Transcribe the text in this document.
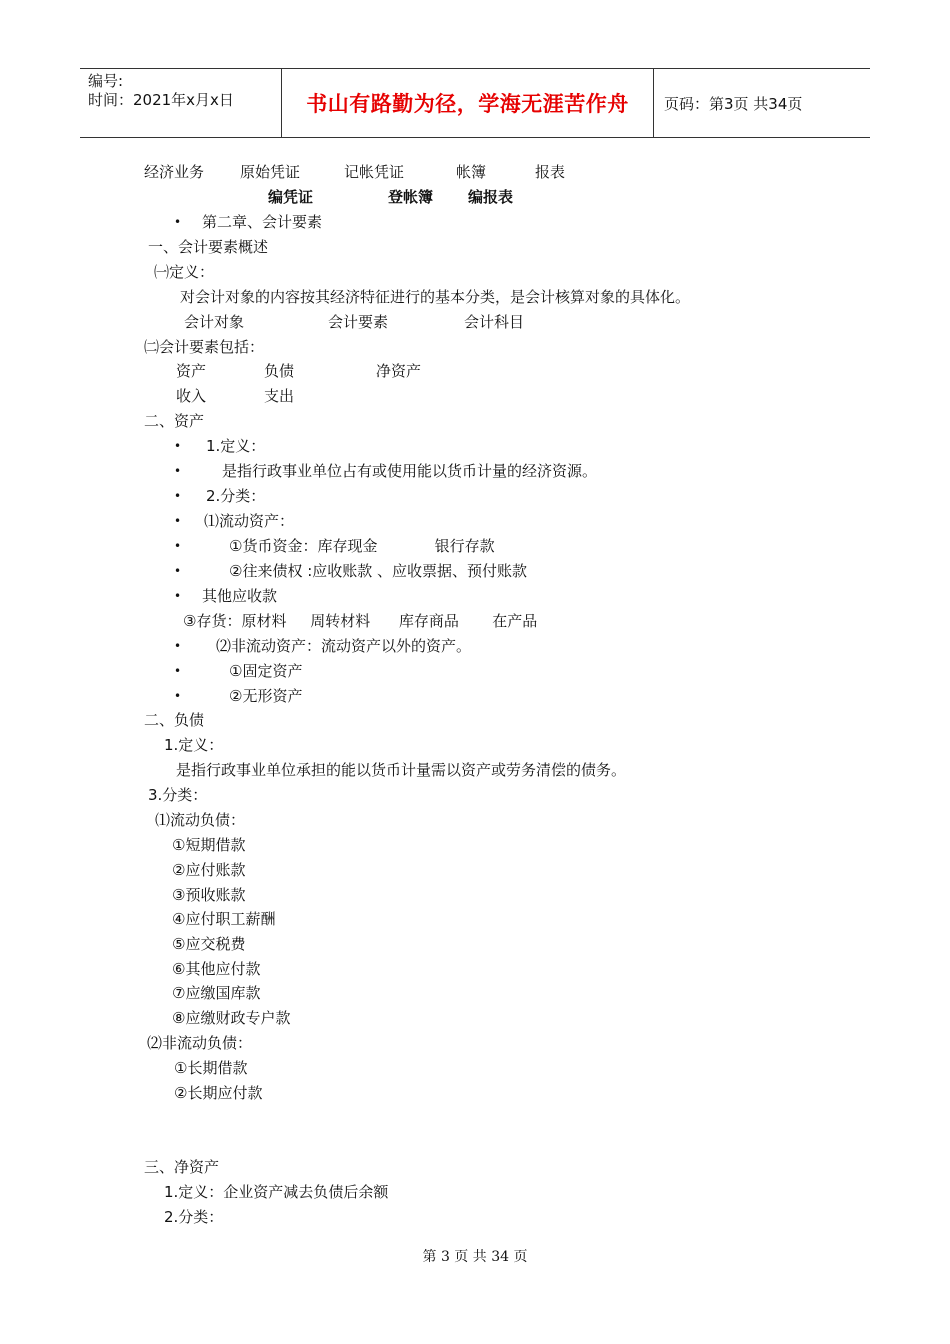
编号:
时间：2021年x月x日	书山有路勤为径，学海无涯苦作舟	页码：第3页 共34页
经济业务 原始凭证	记帐凭证	帐簿	报表
编凭证	登帐簿 编报表
• 第二章、会计要素
一、会计要素概述
㈠定义：
对会计对象的内容按其经济特征进行的基本分类，是会计核算对象的具体化。
会计对象	会计要素	会计科目
㈡会计要素包括：
资产	负债	净资产
收入	支出
二、资产
• 1.定义：
•	是指行政事业单位占有或使用能以货币计量的经济资源。
• 2.分类：
• ⑴流动资产：
•	①货币资金：库存现金            银行存款
•	②往来债权 :应收账款 、应收票据、预付账款
• 其他应收款
③存货：原材料     周转材料      库存商品       在产品
• ⑵非流动资产：流动资产以外的资产。
•	①固定资产
•	②无形资产
二、负债
1.定义：
是指行政事业单位承担的能以货币计量需以资产或劳务清偿的债务。
3.分类：
⑴流动负债：
①短期借款
②应付账款
③预收账款
④应付职工薪酬
⑤应交税费
⑥其他应付款
⑦应缴国库款
⑧应缴财政专户款
⑵非流动负债：
①长期借款
②长期应付款
三、净资产
1.定义：企业资产减去负债后余额
2.分类：
第 3 页 共 34 页
